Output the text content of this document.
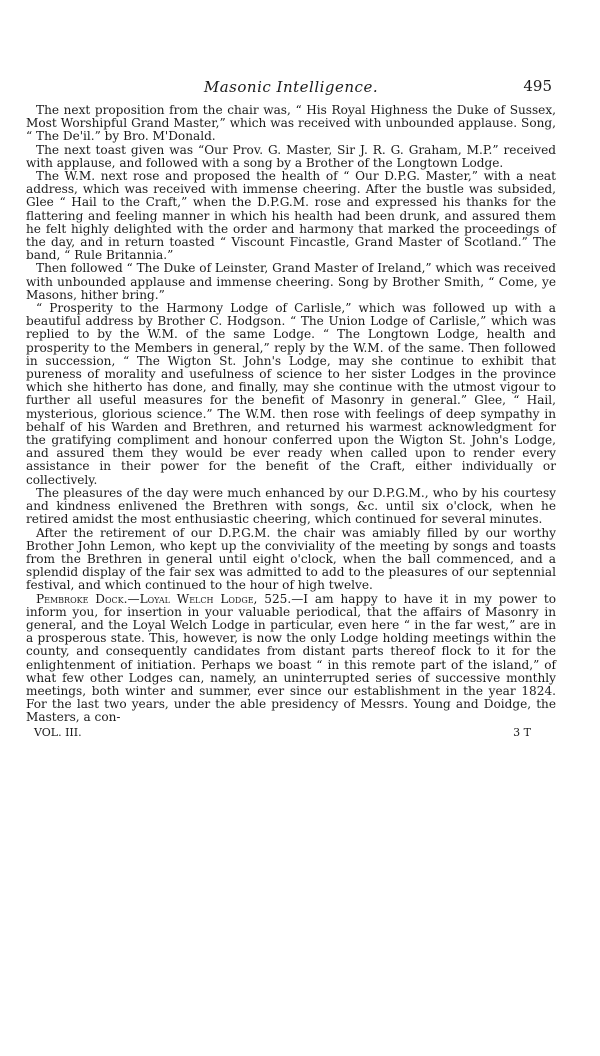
Masonic Intelligence.	495

The next proposition from the chair was, “ His Royal Highness the Duke of Sussex, Most Worshipful Grand Master,” which was received with unbounded applause. Song, “ The De'il.” by Bro. M'Donald.

The next toast given was “Our Prov. G. Master, Sir J. R. G. Graham, M.P.” received with applause, and followed with a song by a Brother of the Longtown Lodge.

The W.M. next rose and proposed the health of “ Our D.P.G. Master,” with a neat address, which was received with immense cheering. After the bustle was subsided, Glee “ Hail to the Craft,” when the D.P.G.M. rose and expressed his thanks for the flattering and feeling manner in which his health had been drunk, and assured them he felt highly delighted with the order and harmony that marked the proceedings of the day, and in return toasted “ Viscount Fincastle, Grand Master of Scotland.” The band, “ Rule Britannia.”

Then followed “ The Duke of Leinster, Grand Master of Ireland,” which was received with unbounded applause and immense cheering. Song by Brother Smith, “ Come, ye Masons, hither bring.”

“ Prosperity to the Harmony Lodge of Carlisle,” which was followed up with a beautiful address by Brother C. Hodgson. “ The Union Lodge of Carlisle,” which was replied to by the W.M. of the same Lodge. “ The Longtown Lodge, health and prosperity to the Members in general,” reply by the W.M. of the same. Then followed in succession, “ The Wigton St. John's Lodge, may she continue to exhibit that pureness of morality and usefulness of science to her sister Lodges in the province which she hitherto has done, and finally, may she continue with the utmost vigour to further all useful measures for the benefit of Masonry in general.” Glee, “ Hail, mysterious, glorious science.” The W.M. then rose with feelings of deep sympathy in behalf of his Warden and Brethren, and returned his warmest acknowledgment for the gratifying compliment and honour conferred upon the Wigton St. John's Lodge, and assured them they would be ever ready when called upon to render every assistance in their power for the benefit of the Craft, either individually or collectively.

The pleasures of the day were much enhanced by our D.P.G.M., who by his courtesy and kindness enlivened the Brethren with songs, &c. until six o'clock, when he retired amidst the most enthusiastic cheering, which continued for several minutes.

After the retirement of our D.P.G.M. the chair was amiably filled by our worthy Brother John Lemon, who kept up the conviviality of the meeting by songs and toasts from the Brethren in general until eight o'clock, when the ball commenced, and a splendid display of the fair sex was admitted to add to the pleasures of our septennial festival, and which continued to the hour of high twelve.

Pembroke Dock.—Loyal Welch Lodge, 525.—I am happy to have it in my power to inform you, for insertion in your valuable periodical, that the affairs of Masonry in general, and the Loyal Welch Lodge in particular, even here “ in the far west,” are in a prosperous state. This, however, is now the only Lodge holding meetings within the county, and consequently candidates from distant parts thereof flock to it for the enlightenment of initiation. Perhaps we boast “ in this remote part of the island,” of what few other Lodges can, namely, an uninterrupted series of successive monthly meetings, both winter and summer, ever since our establishment in the year 1824. For the last two years, under the able presidency of Messrs. Young and Doidge, the Masters, a con-

VOL. III.	3 T
